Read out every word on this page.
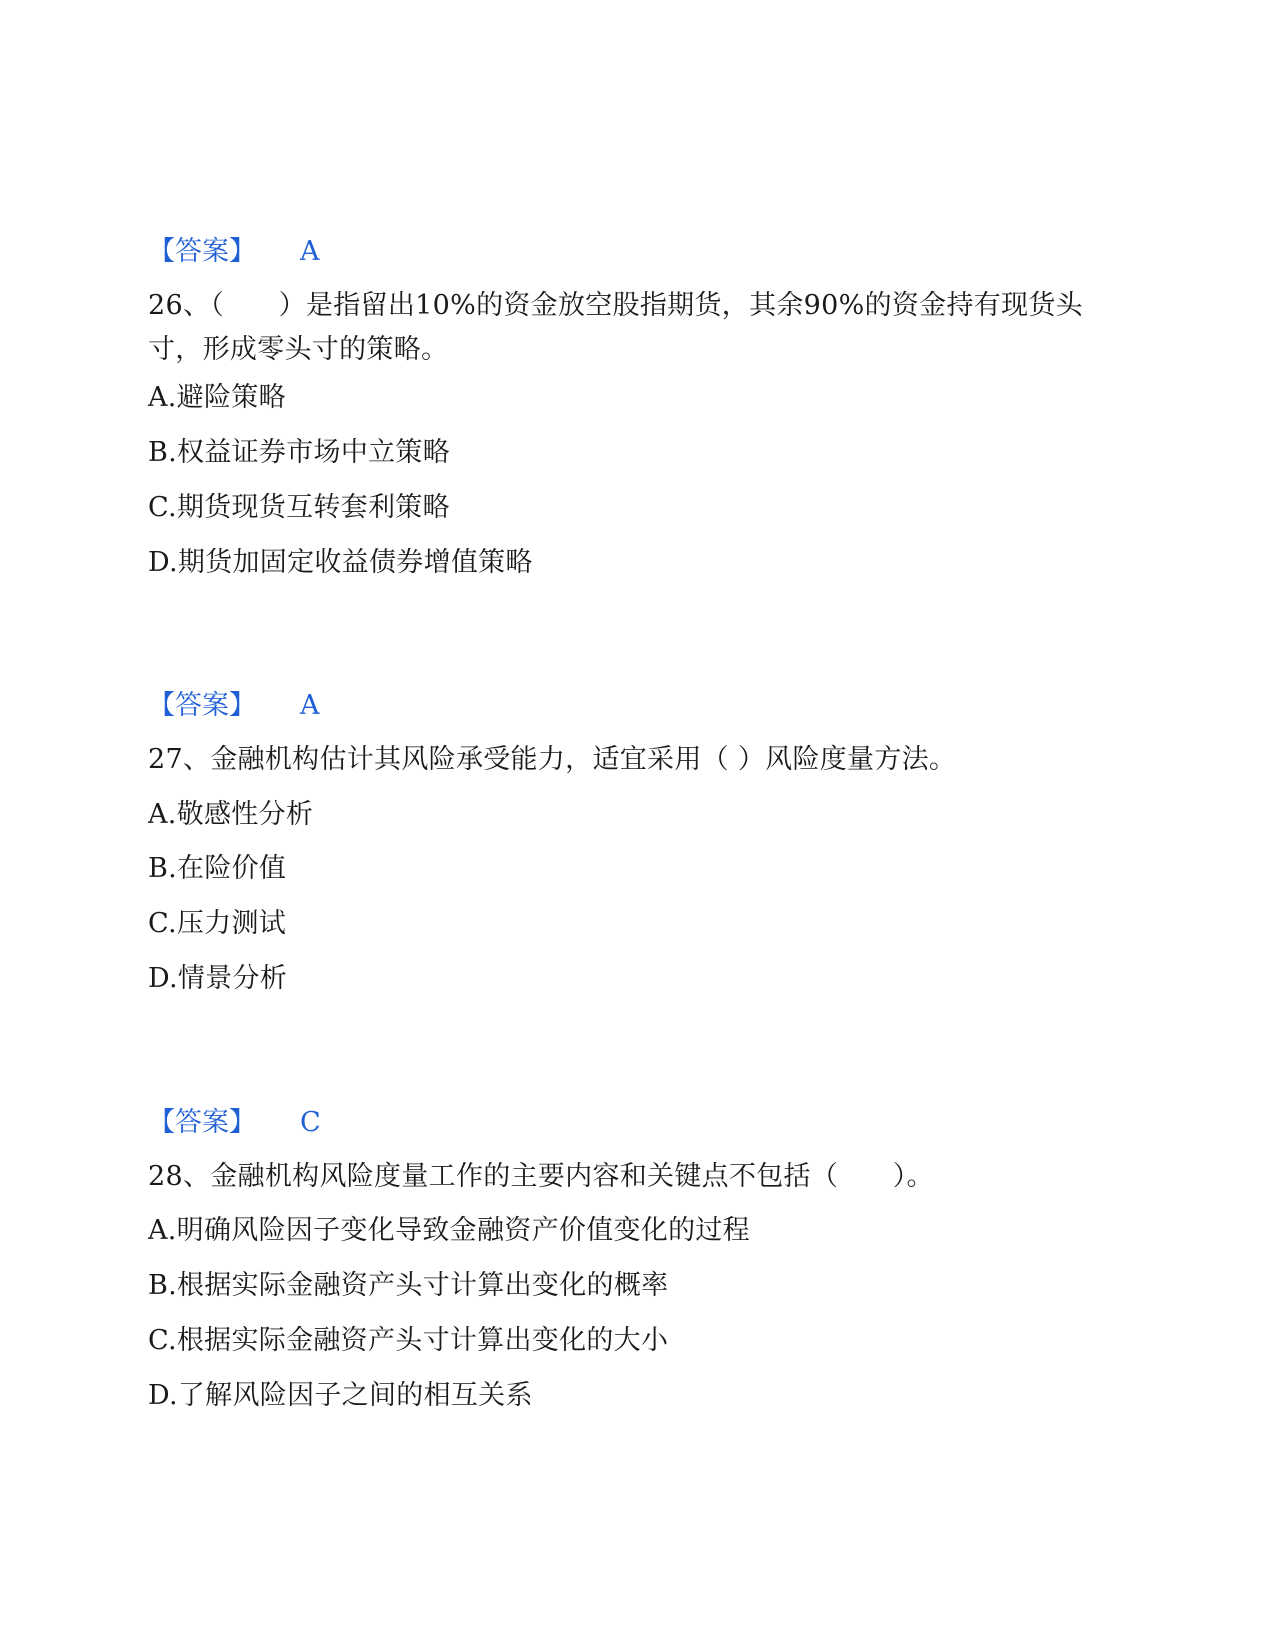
【答案】 A
26、（　　）是指留出10%的资金放空股指期货，其余90%的资金持有现货头寸，形成零头寸的策略。
A.避险策略
B.权益证券市场中立策略
C.期货现货互转套利策略
D.期货加固定收益债券增值策略
【答案】 A
27、金融机构估计其风险承受能力，适宜采用（ ）风险度量方法。
A.敬感性分析
B.在险价值
C.压力测试
D.情景分析
【答案】 C
28、金融机构风险度量工作的主要内容和关键点不包括（　　）。
A.明确风险因子变化导致金融资产价值变化的过程
B.根据实际金融资产头寸计算出变化的概率
C.根据实际金融资产头寸计算出变化的大小
D.了解风险因子之间的相互关系
